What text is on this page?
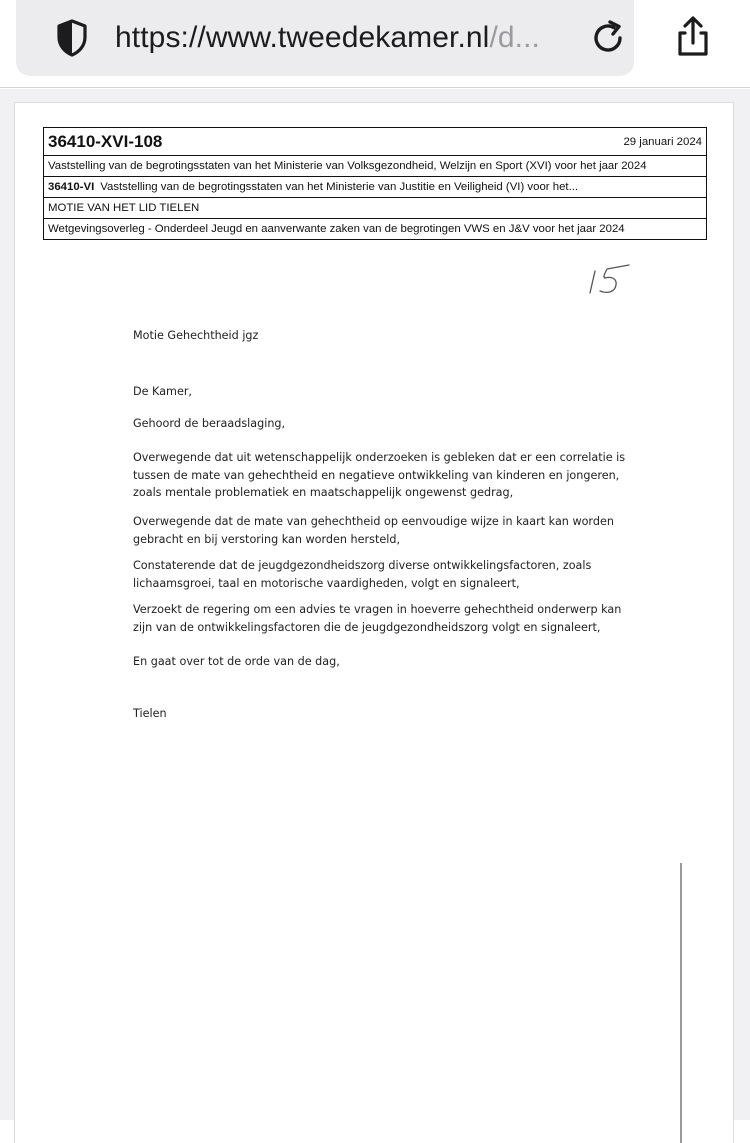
https://www.tweedekamer.nl/d...
36410-XVI-108	29 januari 2024
Vaststelling van de begrotingsstaten van het Ministerie van Volksgezondheid, Welzijn en Sport (XVI) voor het jaar 2024
36410-VI Vaststelling van de begrotingsstaten van het Ministerie van Justitie en Veiligheid (VI) voor het...
MOTIE VAN HET LID TIELEN
Wetgevingsoverleg - Onderdeel Jeugd en aanverwante zaken van de begrotingen VWS en J&V voor het jaar 2024
Motie Gehechtheid jgz
De Kamer,
Gehoord de beraadslaging,

Overwegende dat uit wetenschappelijk onderzoeken is gebleken dat er een correlatie is

tussen de mate van gehechtheid en negatieve ontwikkeling van kinderen en jongeren,

zoals mentale problematiek en maatschappelijk ongewenst gedrag,

Overwegende dat de mate van gehechtheid op eenvoudige wijze in kaart kan worden

gebracht en bij verstoring kan worden hersteld,

Constaterende dat de jeugdgezondheidszorg diverse ontwikkelingsfactoren, zoals

lichaamsgroei, taal en motorische vaardigheden, volgt en signaleert,

Verzoekt de regering om een advies te vragen in hoeverre gehechtheid onderwerp kan

zijn van de ontwikkelingsfactoren die de jeugdgezondheidszorg volgt en signaleert,

En gaat over tot de orde van de dag,
Tielen
